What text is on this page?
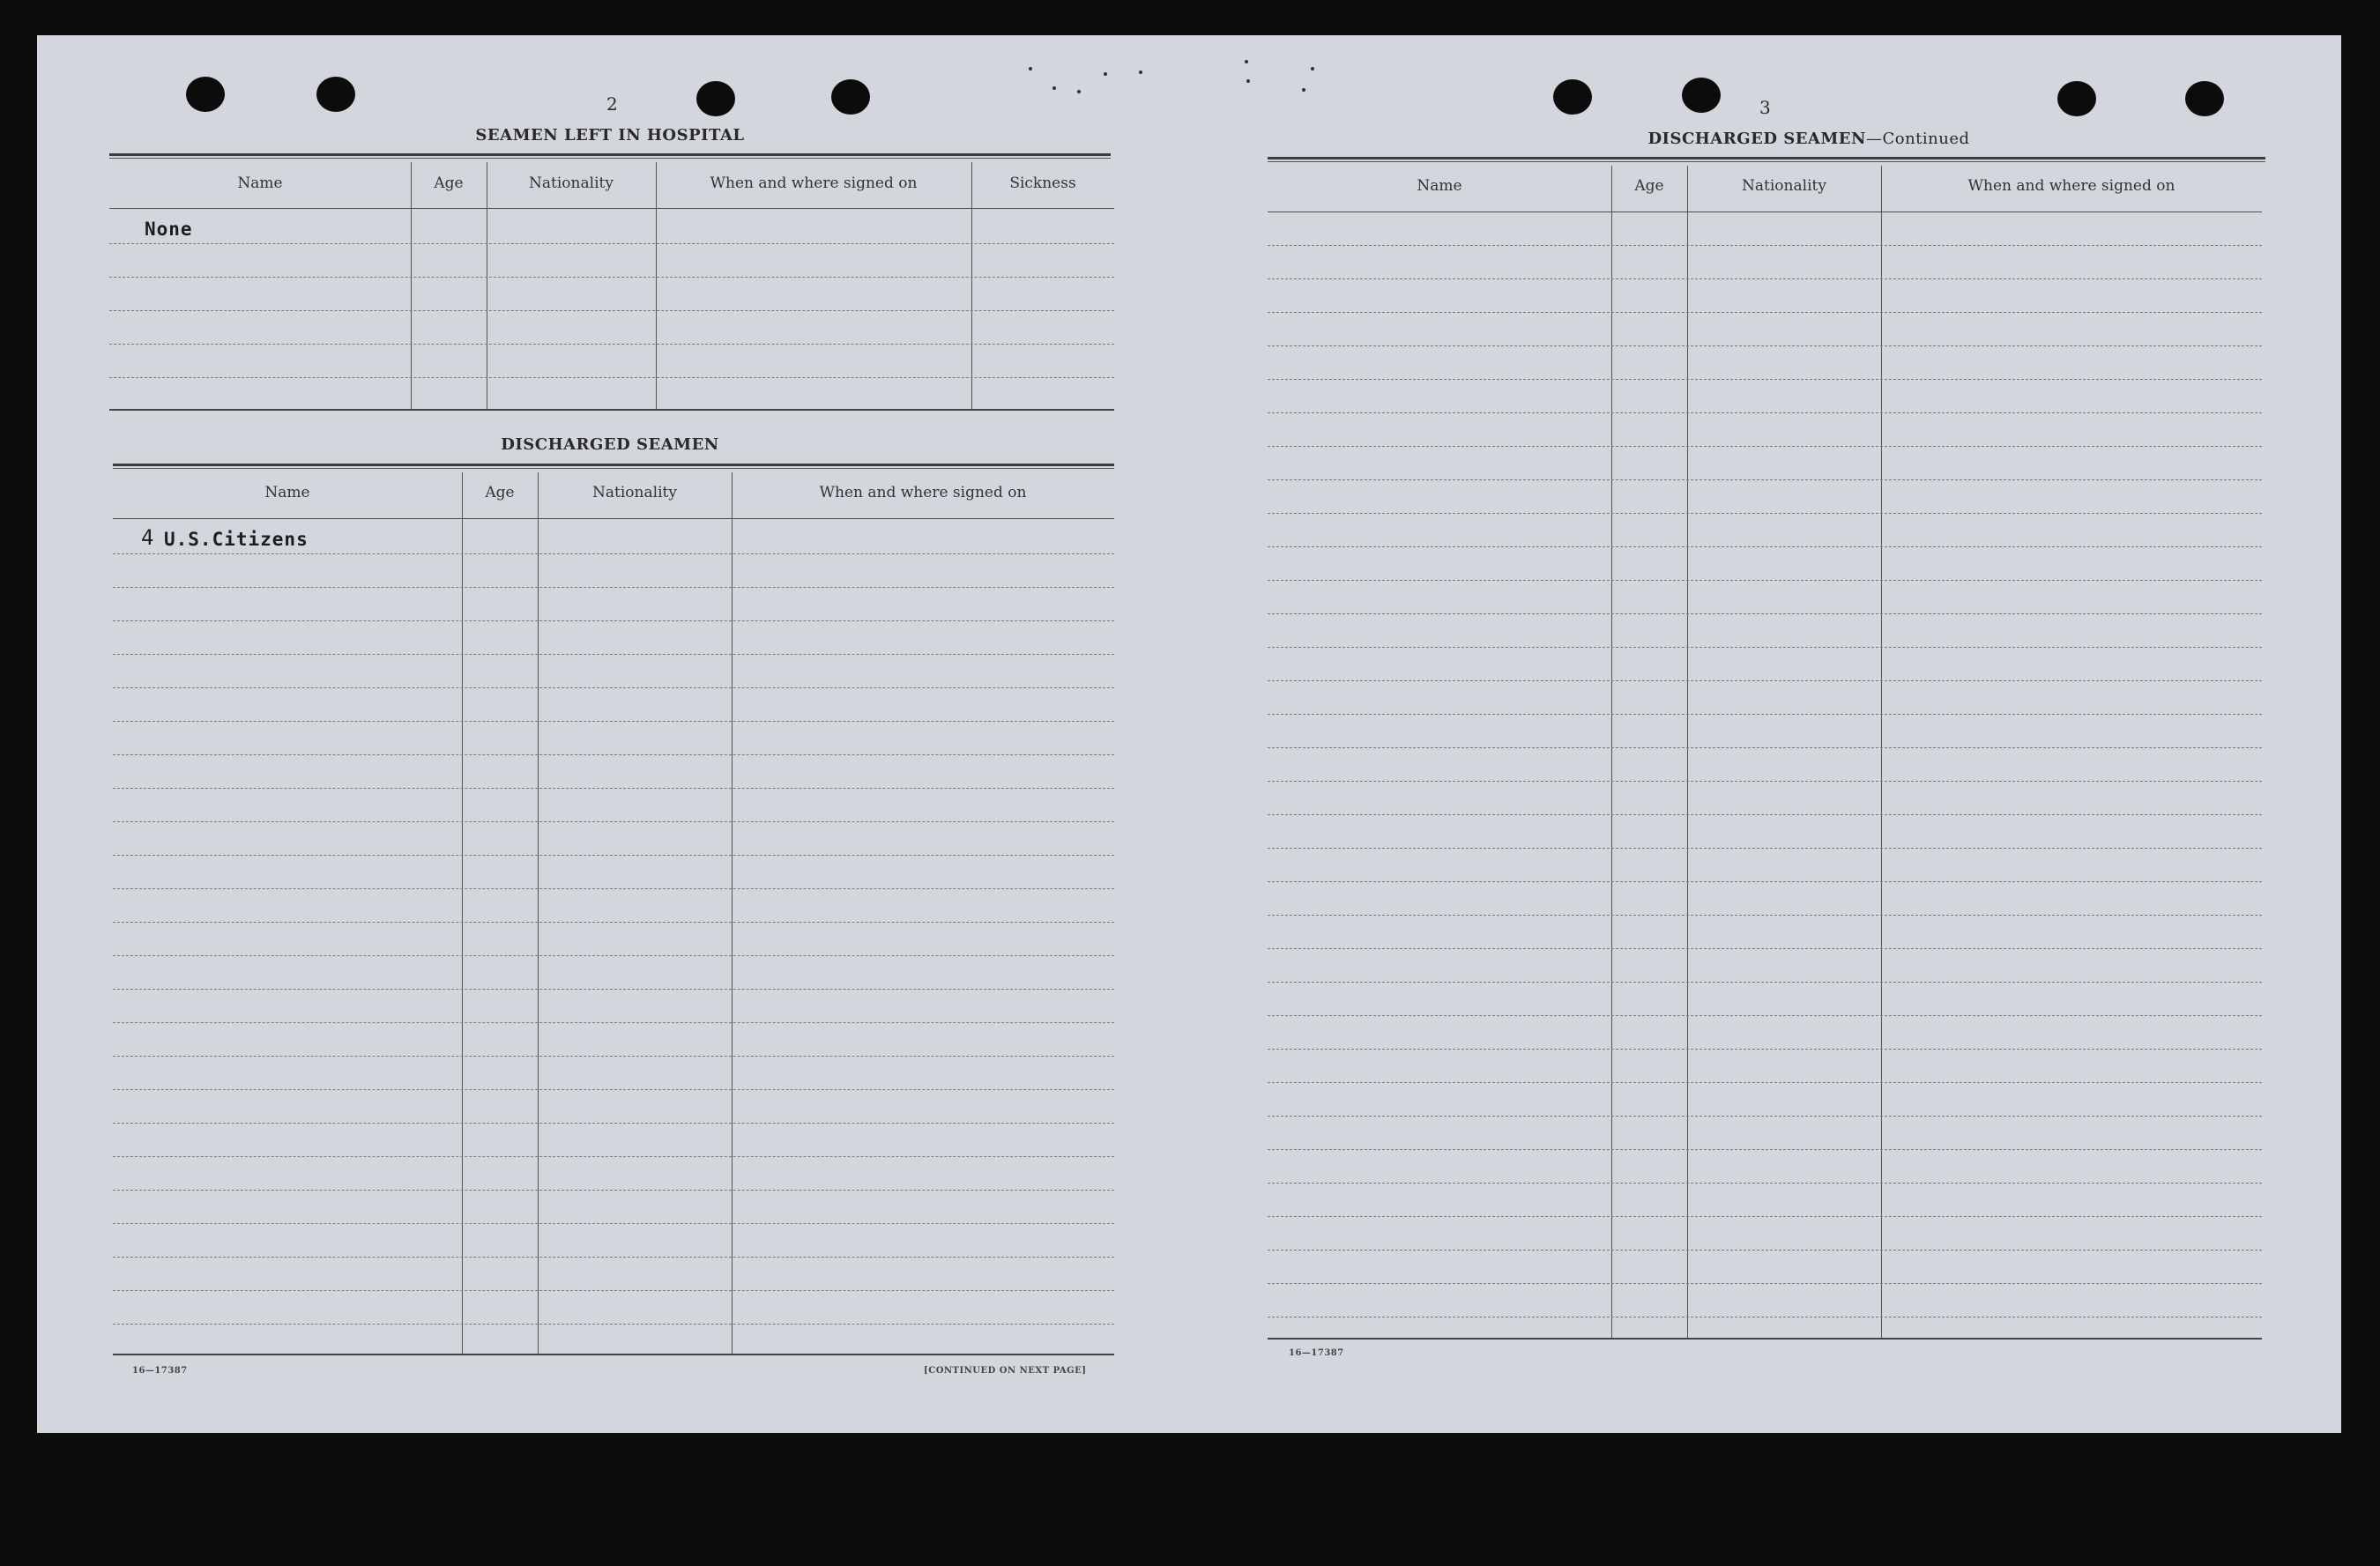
2
SEAMEN LEFT IN HOSPITAL
Name	Age	Nationality	When and where signed on	Sickness
None
DISCHARGED SEAMEN
Name	Age	Nationality	When and where signed on
4 U.S.Citizens
16—17387	[CONTINUED ON NEXT PAGE]
3
DISCHARGED SEAMEN—Continued
Name	Age	Nationality	When and where signed on
16—17387
